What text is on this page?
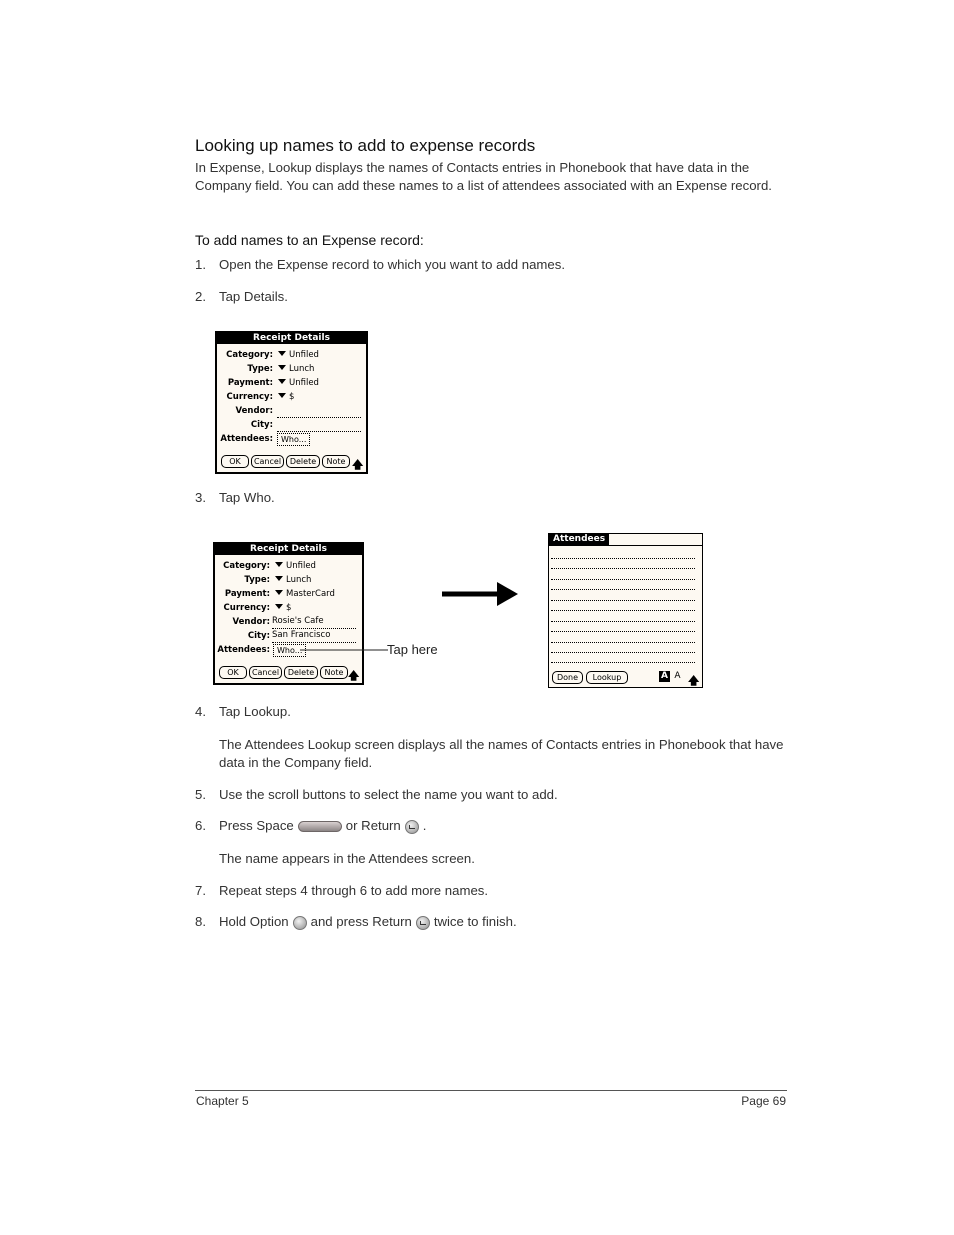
Looking up names to add to expense records
In Expense, Lookup displays the names of Contacts entries in Phonebook that have data in the Company field. You can add these names to a list of attendees associated with an Expense record.
To add names to an Expense record:
1. Open the Expense record to which you want to add names.
2. Tap Details.
Receipt Details
Category:	Unfiled
Type:	Lunch
Payment:	Unfiled
Currency:	$
Vendor:
City:
Attendees:	Who...
OK	Cancel	Delete	Note 🡅
3. Tap Who.
Receipt Details
Category:	Unfiled
Type:	Lunch
Payment:	MasterCard
Currency:	$
Vendor: Rosie's Cafe
City: San Francisco
Attendees: Who...
OK	Cancel	Delete	Note 🡅
Tap here
Attendees
Done	Lookup	A A 🡅
4. Tap Lookup.
The Attendees Lookup screen displays all the names of Contacts entries in Phonebook that have data in the Company field.
5. Use the scroll buttons to select the name you want to add.
6. Press Space	or Return .
The name appears in the Attendees screen.
7. Repeat steps 4 through 6 to add more names.
8. Hold Option and press Return twice to finish.
Chapter 5	Page 69
